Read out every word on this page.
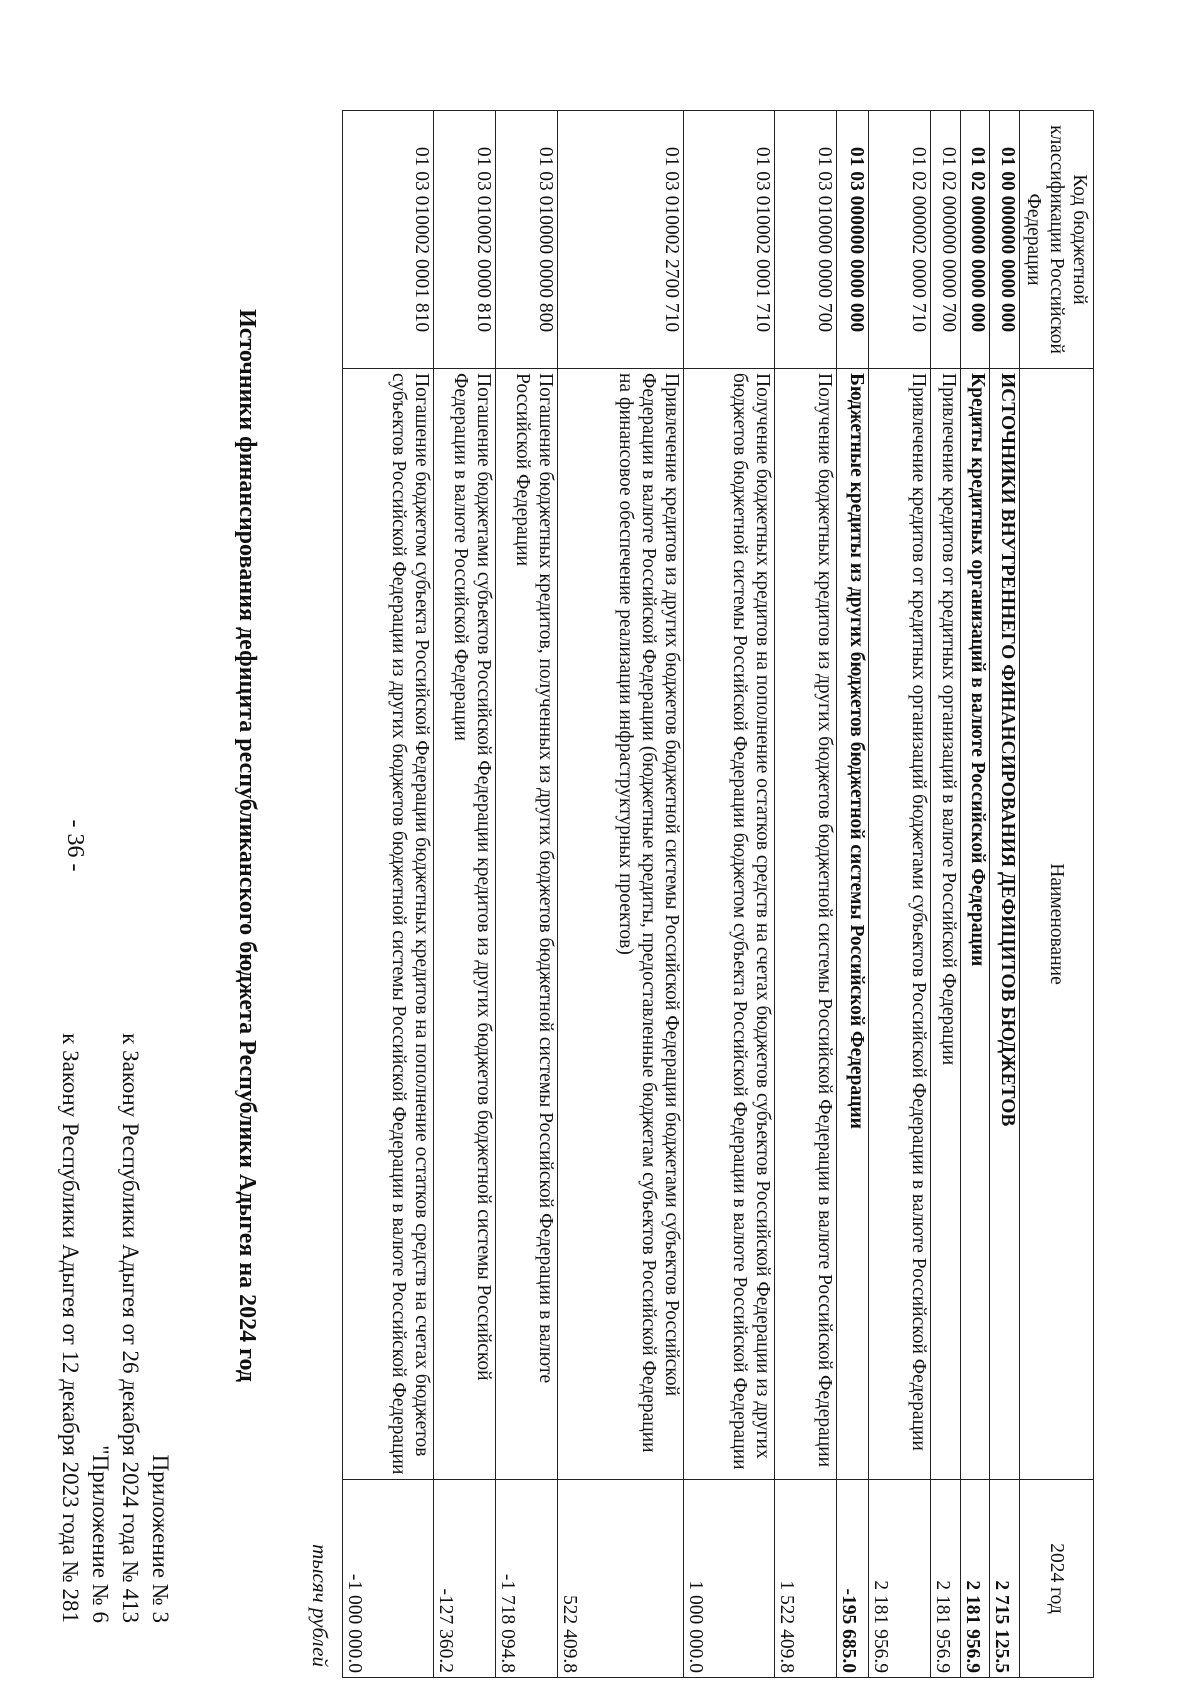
- 36 -
Приложение № 3
к Закону Республики Адыгея от 26 декабря 2024 года № 413
"Приложение № 6
к Закону Республики Адыгея от 12 декабря 2023 года № 281	Источники финансирования дефицита республиканского бюджета Республики Адыгея на 2024 год
тысяч рублей
Код бюджетной классификации Российской Федерации	Наименование	2024 год
01 00 000000 0000 000	ИСТОЧНИКИ ВНУТРЕННЕГО ФИНАНСИРОВАНИЯ ДЕФИЦИТОВ БЮДЖЕТОВ	2 715 125.5
01 02 000000 0000 000	Кредиты кредитных организаций в валюте Российской Федерации	2 181 956.9
01 02 000000 0000 700	Привлечение кредитов от кредитных организаций в валюте Российской Федерации	2 181 956.9
01 02 000002 0000 710	Привлечение кредитов от кредитных организаций бюджетами субъектов Российской Федерации в валюте Российской Федерации	2 181 956.9
01 03 000000 0000 000	Бюджетные кредиты из других бюджетов бюджетной системы Российской Федерации	-195 685.0
01 03 010000 0000 700	Получение бюджетных кредитов из других бюджетов бюджетной системы Российской Федерации в валюте Российской Федерации	1 522 409.8
01 03 010002 0001 710	Получение бюджетных кредитов на пополнение остатков средств на счетах бюджетов субъектов Российской Федерации из других бюджетов бюджетной системы Российской Федерации бюджетом субъекта Российской Федерации в валюте Российской Федерации	1 000 000.0
01 03 010002 2700 710	Привлечение кредитов из других бюджетов бюджетной системы Российской Федерации бюджетами субъектов Российской Федерации в валюте Российской Федерации (бюджетные кредиты, предоставленные бюджетам субъектов Российской Федерации на финансовое обеспечение реализации инфраструктурных проектов)	522 409.8
01 03 010000 0000 800	Погашение бюджетных кредитов, полученных из других бюджетов бюджетной системы Российской Федерации в валюте Российской Федерации	-1 718 094.8
01 03 010002 0000 810	Погашение бюджетами субъектов Российской Федерации кредитов из других бюджетов бюджетной системы Российской Федерации в валюте Российской Федерации	-127 360.2
01 03 010002 0001 810	Погашение бюджетом субъекта Российской Федерации бюджетных кредитов на пополнение остатков средств на счетах бюджетов субъектов Российской Федерации из других бюджетов бюджетной системы Российской Федерации в валюте Российской Федерации	-1 000 000.0
